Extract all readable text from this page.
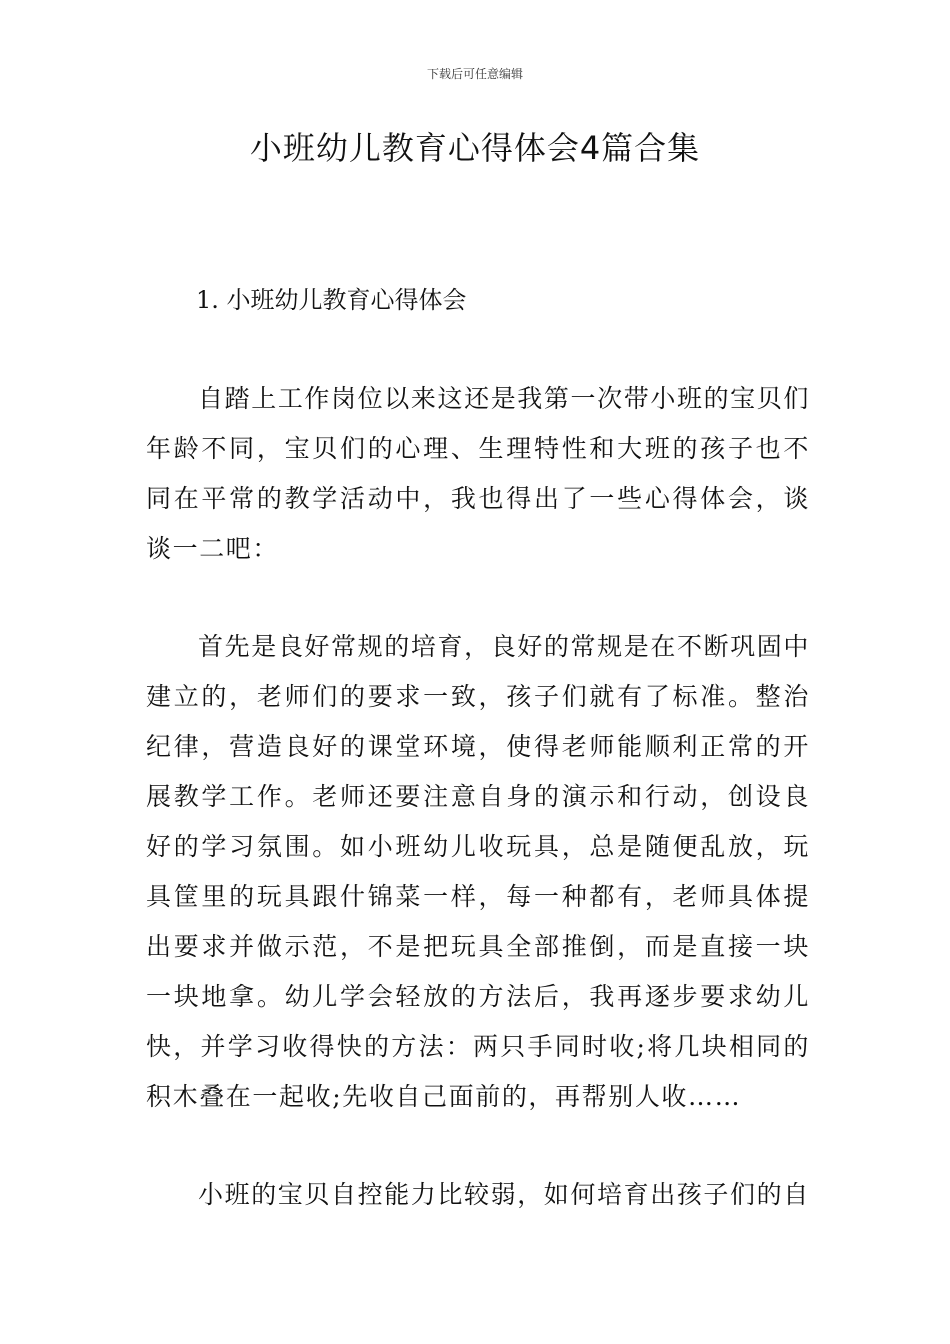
下载后可任意编辑
小班幼儿教育心得体会4篇合集
1. 小班幼儿教育心得体会

自踏上工作岗位以来这还是我第一次带小班的宝贝们年龄不同，宝贝们的心理、生理特性和大班的孩子也不同在平常的教学活动中，我也得出了一些心得体会，谈谈一二吧：

首先是良好常规的培育，良好的常规是在不断巩固中建立的，老师们的要求一致，孩子们就有了标准。整治纪律，营造良好的课堂环境，使得老师能顺利正常的开展教学工作。老师还要注意自身的演示和行动，创设良好的学习氛围。如小班幼儿收玩具，总是随便乱放，玩具筐里的玩具跟什锦菜一样，每一种都有，老师具体提出要求并做示范，不是把玩具全部推倒，而是直接一块一块地拿。幼儿学会轻放的方法后，我再逐步要求幼儿快，并学习收得快的方法：两只手同时收;将几块相同的积木叠在一起收;先收自己面前的，再帮别人收……

小班的宝贝自控能力比较弱，如何培育出孩子们的自
